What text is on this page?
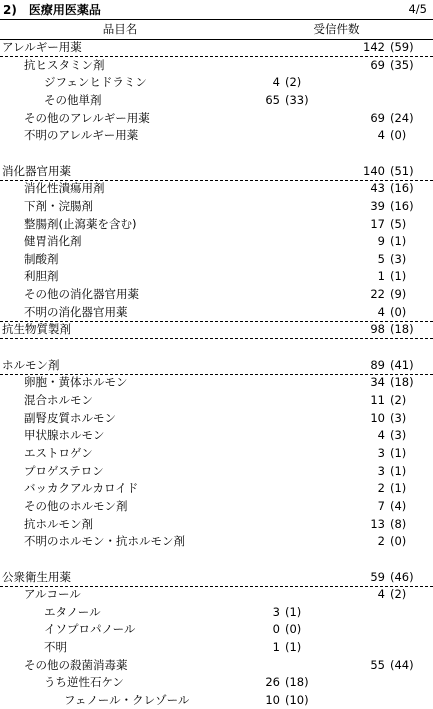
2)　医療用医薬品	4/5
品目名	受信件数
アレルギー用薬	142 (59)
抗ヒスタミン剤	69 (35)
ジフェンヒドラミン	4 (2)
その他単剤	65 (33)
その他のアレルギー用薬	69 (24)
不明のアレルギー用薬	4 (0)
消化器官用薬	140 (51)
消化性潰瘍用剤	43 (16)
下剤・浣腸剤	39 (16)
整腸剤(止瀉薬を含む)	17 (5)
健胃消化剤	9 (1)
制酸剤	5 (3)
利胆剤	1 (1)
その他の消化器官用薬	22 (9)
不明の消化器官用薬	4 (0)
抗生物質製剤	98 (18)
ホルモン剤	89 (41)
卵胞・黄体ホルモン	34 (18)
混合ホルモン	11 (2)
副腎皮質ホルモン	10 (3)
甲状腺ホルモン	4 (3)
エストロゲン	3 (1)
プロゲステロン	3 (1)
バッカクアルカロイド	2 (1)
その他のホルモン剤	7 (4)
抗ホルモン剤	13 (8)
不明のホルモン・抗ホルモン剤	2 (0)
公衆衛生用薬	59 (46)
アルコール	4 (2)
エタノール	3 (1)
イソプロパノール	0 (0)
不明	1 (1)
その他の殺菌消毒薬	55 (44)
うち逆性石ケン	26 (18)
フェノール・クレゾール	10 (10)
